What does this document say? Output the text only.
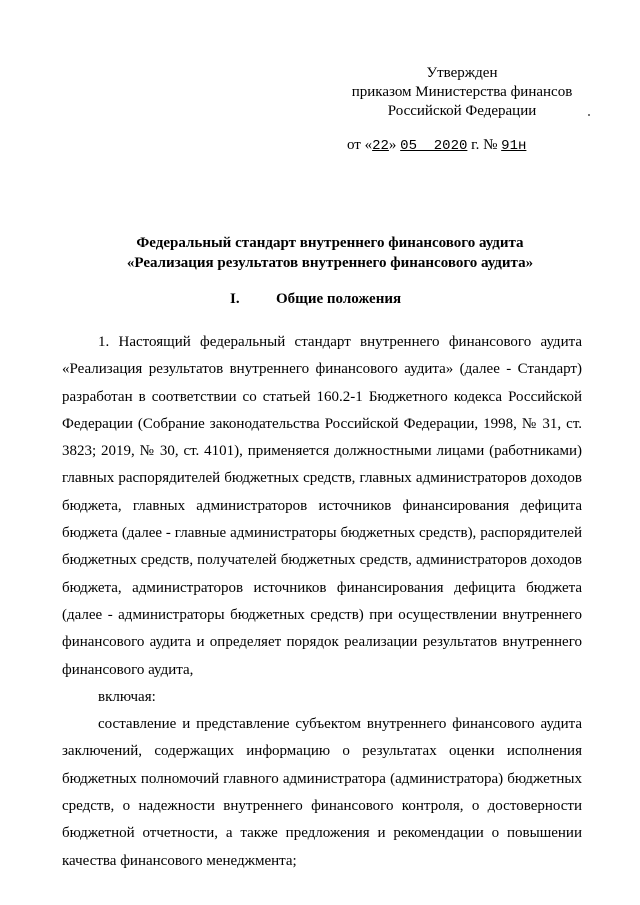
Утвержден
приказом Министерства финансов
Российской Федерации
от «22» 05  2020 г. № 91н
Федеральный стандарт внутреннего финансового аудита
«Реализация результатов внутреннего финансового аудита»
I. Общие положения

1. Настоящий федеральный стандарт внутреннего финансового аудита «Реализация результатов внутреннего финансового аудита» (далее - Стандарт) разработан в соответствии со статьей 160.2-1 Бюджетного кодекса Российской Федерации (Собрание законодательства Российской Федерации, 1998, № 31, ст. 3823; 2019, № 30, ст. 4101), применяется должностными лицами (работниками) главных распорядителей бюджетных средств, главных администраторов доходов бюджета, главных администраторов источников финансирования дефицита бюджета (далее - главные администраторы бюджетных средств), распорядителей бюджетных средств, получателей бюджетных средств, администраторов доходов бюджета, администраторов источников финансирования дефицита бюджета (далее - администраторы бюджетных средств) при осуществлении внутреннего финансового аудита и определяет порядок реализации результатов внутреннего финансового аудита,

включая:

составление и представление субъектом внутреннего финансового аудита заключений, содержащих информацию о результатах оценки исполнения бюджетных полномочий главного администратора (администратора) бюджетных средств, о надежности внутреннего финансового контроля, о достоверности бюджетной отчетности, а также предложения и рекомендации о повышении качества финансового менеджмента;
